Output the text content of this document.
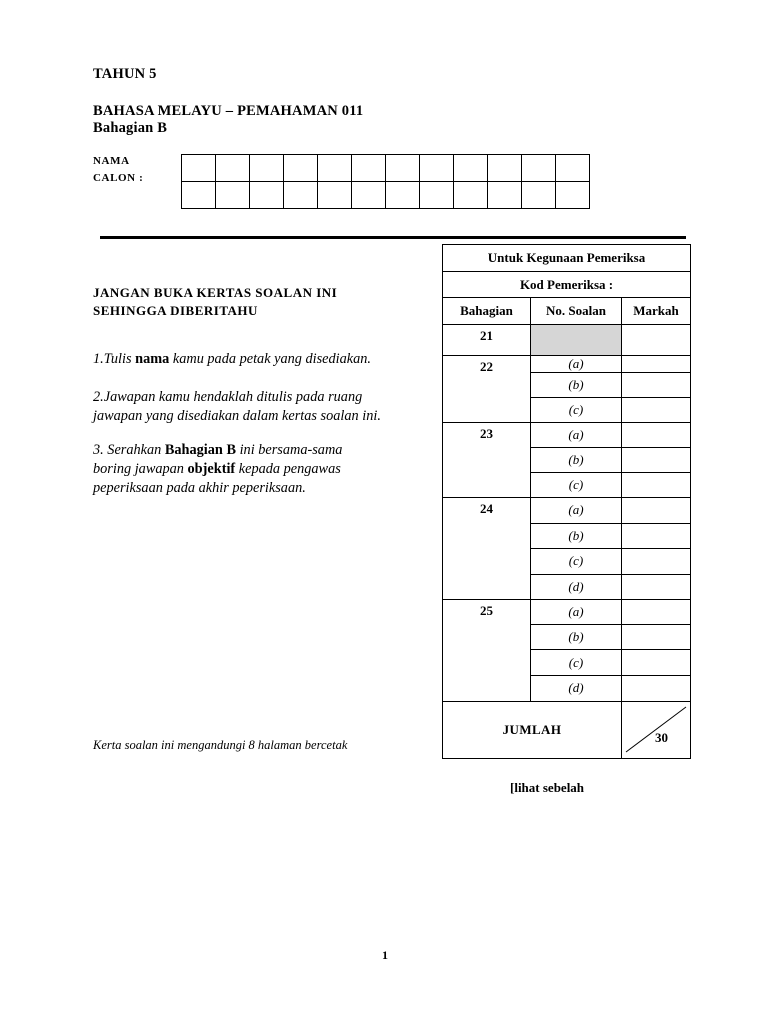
TAHUN 5
BAHASA MELAYU – PEMAHAMAN 011
Bahagian B
NAMA
CALON :

JANGAN BUKA KERTAS SOALAN INI
SEHINGGA DIBERITAHU
1.Tulis nama kamu pada petak yang disediakan.
2.Jawapan kamu hendaklah ditulis pada ruang
jawapan yang disediakan dalam kertas soalan ini.
3. Serahkan Bahagian B ini bersama-sama
boring jawapan objektif kepada pengawas
peperiksaan pada akhir peperiksaan.
Untuk Kegunaan Pemeriksa		
Kod Pemeriksa :		
Bahagian	No. Soalan	Markah
21		
22	(a)	
	(b)	
	(c)	
23	(a)	
	(b)	
	(c)	
24	(a)	
	(b)	
	(c)	
	(d)	
25	(a)	
	(b)	
	(c)	
	(d)	
JUMLAH		30
Kerta soalan ini mengandungi 8 halaman bercetak
[lihat sebelah
1
